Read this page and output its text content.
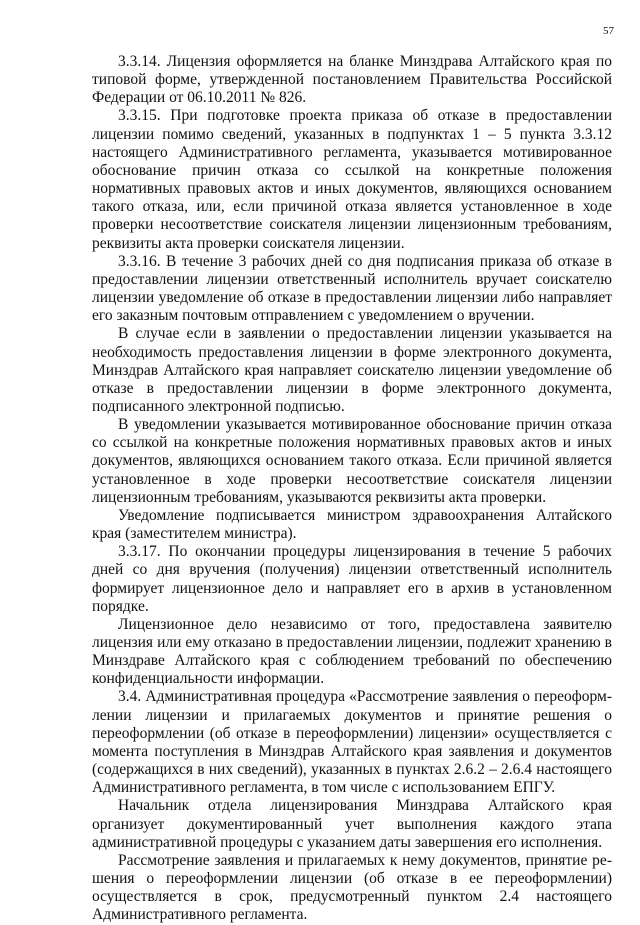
57

3.3.14. Лицензия оформляется на бланке Минздрава Алтайского края по типовой форме, утвержденной постановлением Правительства Российской Федерации от 06.10.2011 № 826.

3.3.15. При подготовке проекта приказа об отказе в предоставлении лицензии помимо сведений, указанных в подпунктах 1 – 5 пункта 3.3.12 настоящего Административного регламента, указывается мотивированное обоснование причин отказа со ссылкой на конкретные положения нормативных правовых актов и иных документов, являющихся основанием такого отказа, или, если причиной отказа является установленное в ходе проверки несоответствие соискателя лицензии лицензионным требованиям, реквизиты акта проверки соискателя лицензии.

3.3.16. В течение 3 рабочих дней со дня подписания приказа об отказе в предоставлении лицензии ответственный исполнитель вручает соискателю лицензии уведомление об отказе в предоставлении лицензии либо направляет его заказным почтовым отправлением с уведомлением о вручении.

В случае если в заявлении о предоставлении лицензии указывается на необходимость предоставления лицензии в форме электронного документа, Минздрав Алтайского края направляет соискателю лицензии уведомление об отказе в предоставлении лицензии в форме электронного документа, подписанного электронной подписью.

В уведомлении указывается мотивированное обоснование причин отказа со ссылкой на конкретные положения нормативных правовых актов и иных документов, являющихся основанием такого отказа. Если причиной является установленное в ходе проверки несоответствие соискателя лицензии лицензионным требованиям, указываются реквизиты акта проверки.

Уведомление подписывается министром здравоохранения Алтайского края (заместителем министра).

3.3.17. По окончании процедуры лицензирования в течение 5 рабочих дней со дня вручения (получения) лицензии ответственный исполнитель формирует лицензионное дело и направляет его в архив в установленном порядке.

Лицензионное дело независимо от того, предоставлена заявителю лицензия или ему отказано в предоставлении лицензии, подлежит хранению в Минздраве Алтайского края с соблюдением требований по обеспечению конфиденциальности информации.

3.4. Административная процедура «Рассмотрение заявления о переоформлении лицензии и прилагаемых документов и принятие решения о переоформлении (об отказе в переоформлении) лицензии» осуществляется с момента поступления в Минздрав Алтайского края заявления и документов (содержащихся в них сведений), указанных в пунктах 2.6.2 – 2.6.4 настоящего Административного регламента, в том числе с использованием ЕПГУ.

Начальник отдела лицензирования Минздрава Алтайского края организует документированный учет выполнения каждого этапа административной процедуры с указанием даты завершения его исполнения.

Рассмотрение заявления и прилагаемых к нему документов, принятие решения о переоформлении лицензии (об отказе в ее переоформлении) осуществляется в срок, предусмотренный пунктом 2.4 настоящего Административного регламента.
